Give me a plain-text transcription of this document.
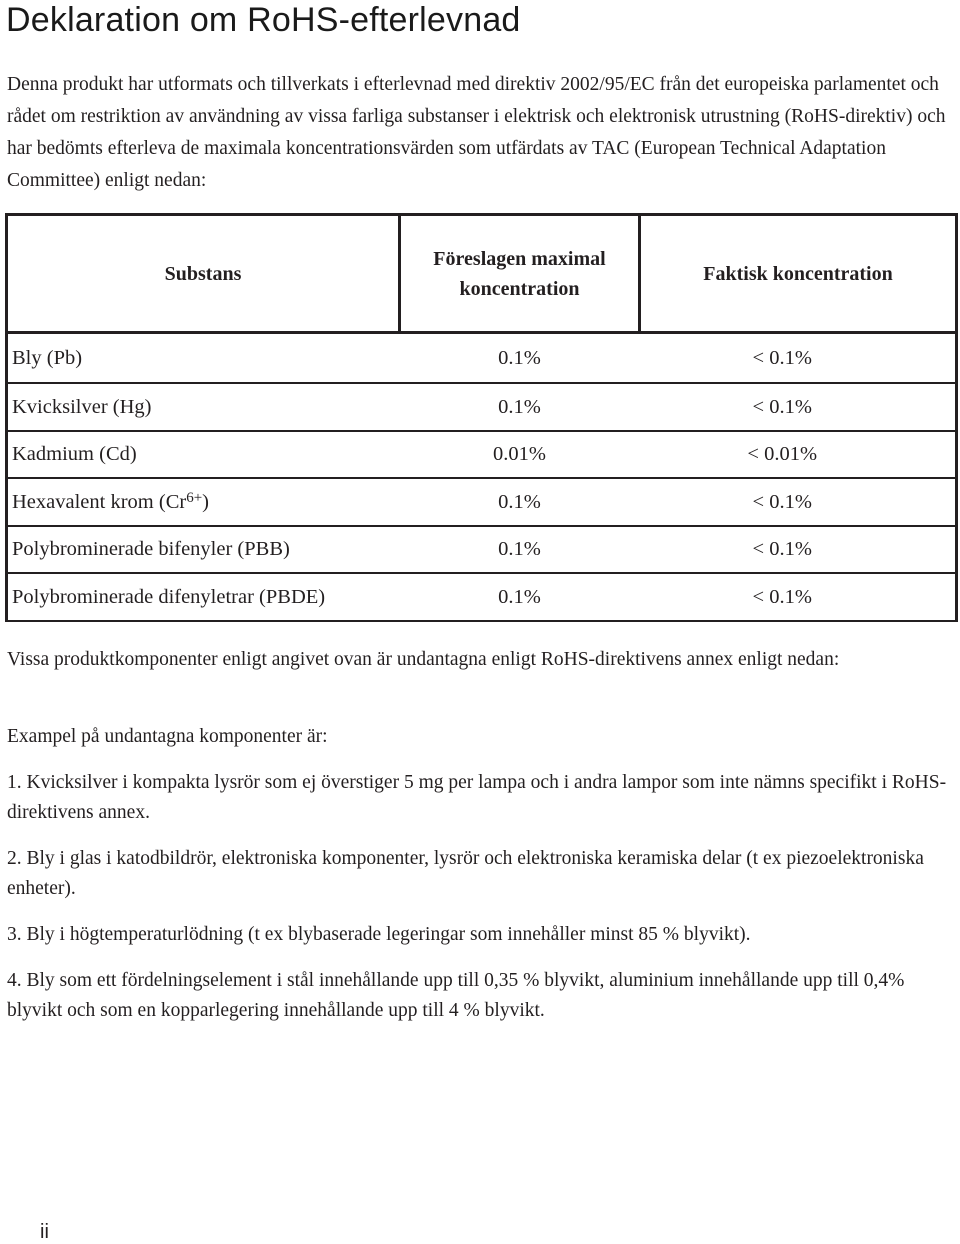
Deklaration om RoHS-efterlevnad

Denna produkt har utformats och tillverkats i efterlevnad med direktiv 2002/95/EC från det europeiska parlamentet och rådet om restriktion av användning av vissa farliga substanser i elektrisk och elektronisk utrustning (RoHS-direktiv) och har bedömts efterleva de maximala koncentrationsvärden som utfärdats av TAC (European Technical Adaptation Committee) enligt nedan:

Substans	Föreslagen maximal koncentration	Faktisk koncentration
Bly (Pb)	0.1%	< 0.1%
Kvicksilver (Hg)	0.1%	< 0.1%
Kadmium (Cd)	0.01%	< 0.01%
Hexavalent krom $(Cr^{6+})$	0.1%	< 0.1%
Polybrominerade bifenyler (PBB)	0.1%	< 0.1%
Polybrominerade difenyletrar (PBDE)	0.1%	< 0.1%

Vissa produktkomponenter enligt angivet ovan är undantagna enligt RoHS-direktivens annex enligt nedan:

Exampel på undantagna komponenter är:

1. Kvicksilver i kompakta lysrör som ej överstiger 5 mg per lampa och i andra lampor som inte nämns specifikt i RoHS-direktivens annex.
2. Bly i glas i katodbildrör, elektroniska komponenter, lysrör och elektroniska keramiska delar (t ex piezoelektroniska enheter).
3. Bly i högtemperaturlödning (t ex blybaserade legeringar som innehåller minst 85 % blyvikt).
4. Bly som ett fördelningselement i stål innehållande upp till 0,35 % blyvikt, aluminium innehållande upp till 0,4% blyvikt och som en kopparlegering innehållande upp till 4 % blyvikt.
ii
